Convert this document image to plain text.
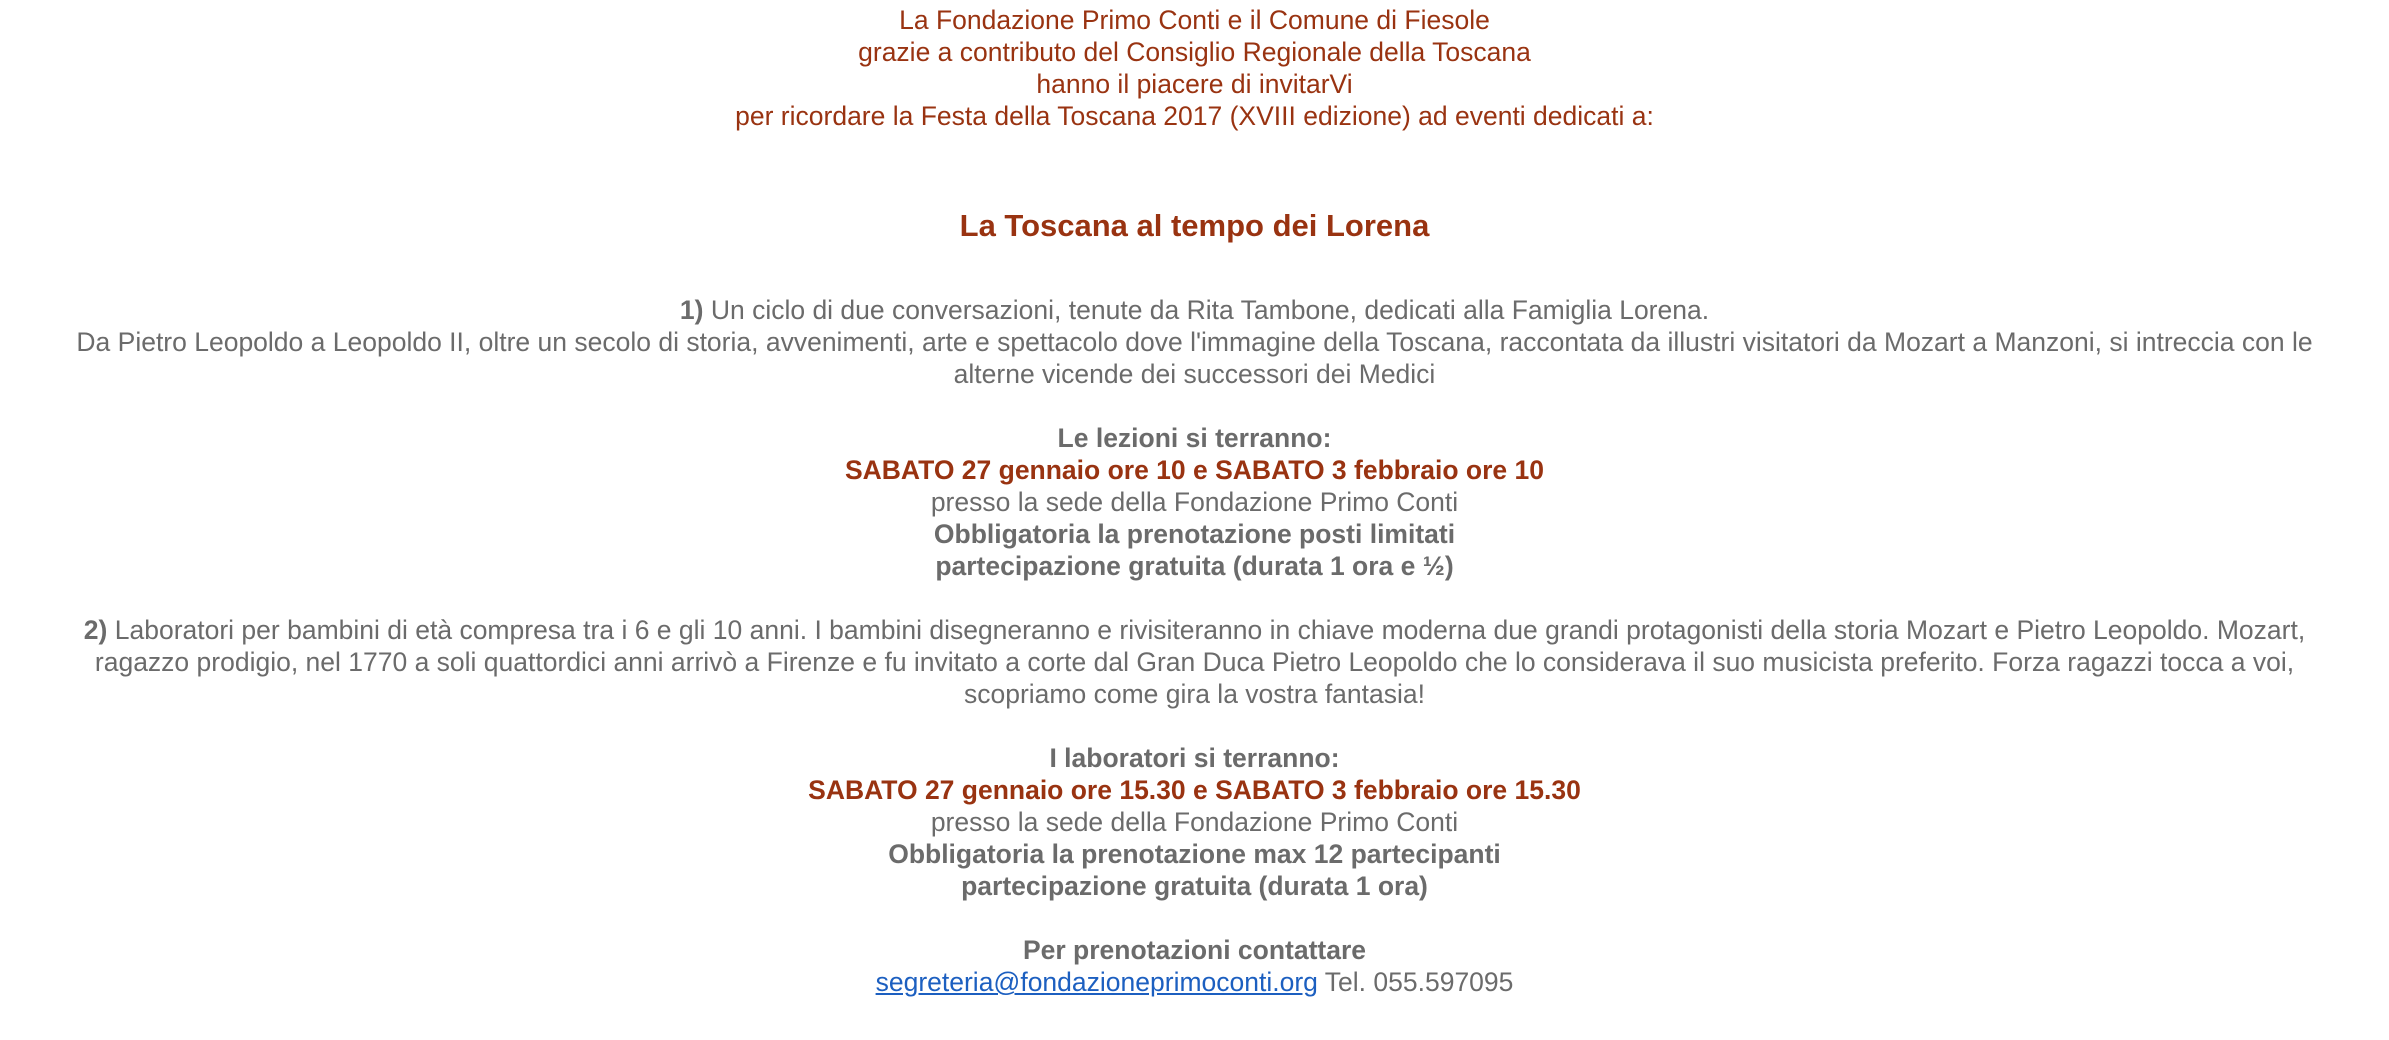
La Fondazione Primo Conti e il Comune di Fiesole

grazie a contributo del Consiglio Regionale della Toscana

hanno il piacere di invitarVi

per ricordare la Festa della Toscana 2017 (XVIII edizione) ad eventi dedicati a:

La Toscana al tempo dei Lorena

1) Un ciclo di due conversazioni, tenute da Rita Tambone, dedicati alla Famiglia Lorena.

Da Pietro Leopoldo a Leopoldo II, oltre un secolo di storia, avvenimenti, arte e spettacolo dove l'immagine della Toscana, raccontata da illustri visitatori da Mozart a Manzoni, si intreccia con le alterne vicende dei successori dei Medici

Le lezioni si terranno:

SABATO 27 gennaio ore 10 e SABATO 3 febbraio ore 10

presso la sede della Fondazione Primo Conti

Obbligatoria la prenotazione posti limitati

partecipazione gratuita (durata 1 ora e ½)

2) Laboratori per bambini di età compresa tra i 6 e gli 10 anni. I bambini disegneranno e rivisiteranno in chiave moderna due grandi protagonisti della storia Mozart e Pietro Leopoldo. Mozart, ragazzo prodigio, nel 1770 a soli quattordici anni arrivò a Firenze e fu invitato a corte dal Gran Duca Pietro Leopoldo che lo considerava il suo musicista preferito. Forza ragazzi tocca a voi, scopriamo come gira la vostra fantasia!

I laboratori si terranno:

SABATO 27 gennaio ore 15.30 e SABATO 3 febbraio ore 15.30

presso la sede della Fondazione Primo Conti

Obbligatoria la prenotazione max 12 partecipanti

partecipazione gratuita (durata 1 ora)

Per prenotazioni contattare

segreteria@fondazioneprimoconti.org Tel. 055.597095
